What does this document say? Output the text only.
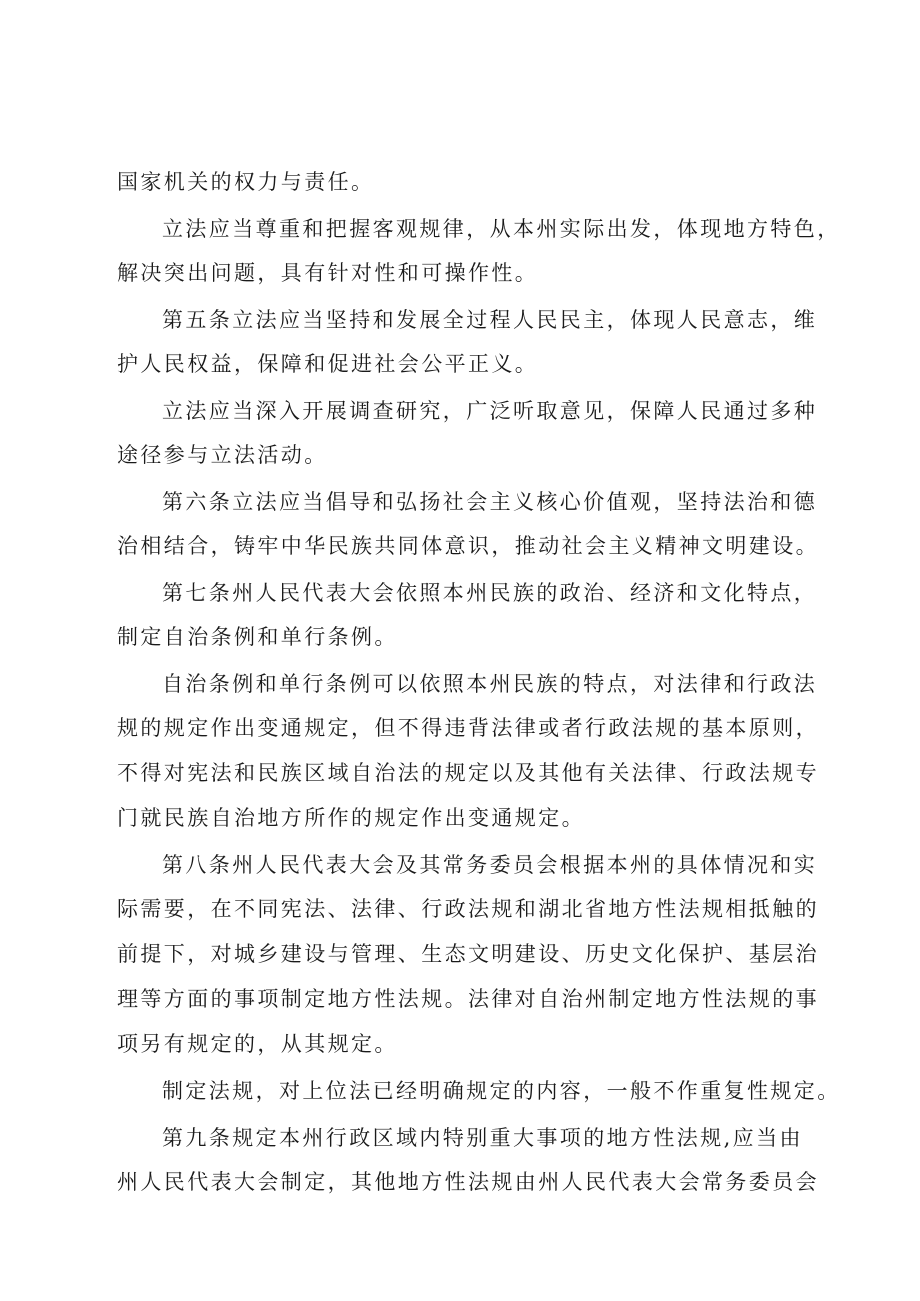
国家机关的权力与责任。
立法应当尊重和把握客观规律，从本州实际出发，体现地方特色，
解决突出问题，具有针对性和可操作性。
第五条立法应当坚持和发展全过程人民民主，体现人民意志，维
护人民权益，保障和促进社会公平正义。
立法应当深入开展调查研究，广泛听取意见，保障人民通过多种
途径参与立法活动。
第六条立法应当倡导和弘扬社会主义核心价值观，坚持法治和德
治相结合，铸牢中华民族共同体意识，推动社会主义精神文明建设。
第七条州人民代表大会依照本州民族的政治、经济和文化特点，
制定自治条例和单行条例。
自治条例和单行条例可以依照本州民族的特点，对法律和行政法
规的规定作出变通规定，但不得违背法律或者行政法规的基本原则，
不得对宪法和民族区域自治法的规定以及其他有关法律、行政法规专
门就民族自治地方所作的规定作出变通规定。
第八条州人民代表大会及其常务委员会根据本州的具体情况和实
际需要，在不同宪法、法律、行政法规和湖北省地方性法规相抵触的
前提下，对城乡建设与管理、生态文明建设、历史文化保护、基层治
理等方面的事项制定地方性法规。法律对自治州制定地方性法规的事
项另有规定的，从其规定。
制定法规，对上位法已经明确规定的内容，一般不作重复性规定。
第九条规定本州行政区域内特别重大事项的地方性法规,应当由
州人民代表大会制定，其他地方性法规由州人民代表大会常务委员会
